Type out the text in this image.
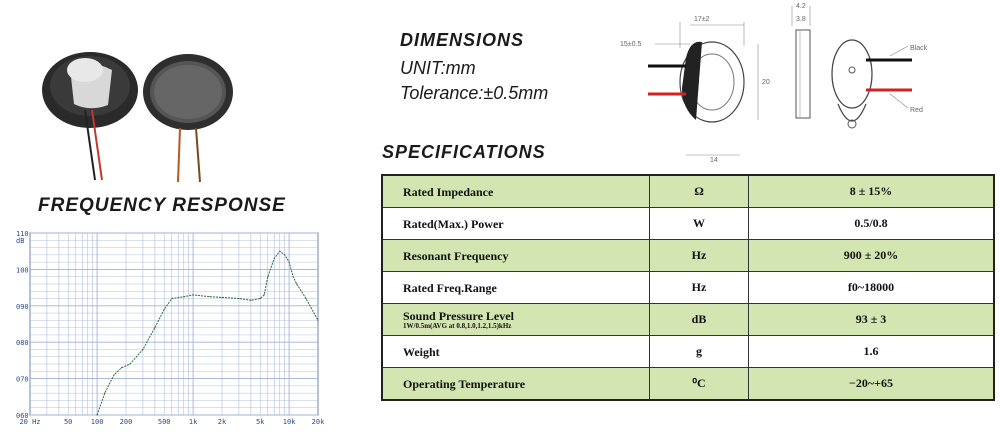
FREQUENCY RESPONSE
DIMENSIONS
UNIT:mm
Tolerance:±0.5mm
SPECIFICATIONS
20 Hz	50	100 200	500	1k	2k	5k	10k 20k
110 dB
100
090
080
070
060
17±2
15±0.5
20
14
4.2
3.8
Black
Red
Rated Impedance	Ω	8 ± 15%

Rated(Max.) Power	W	0.5/0.8

Resonant Frequency	Hz	900 ± 20%

Rated Freq.Range	Hz	f0~18000

Sound Pressure Level
1W/0.5m(AVG at 0.8,1.0,1.2,1.5)kHz	dB	93 ± 3

Weight	g	1.6

Operating Temperature	⁰C	−20~+65
